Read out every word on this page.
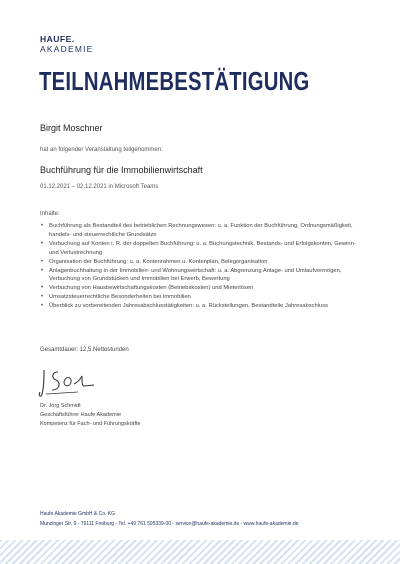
HAUFE.
AKADEMIE
TEILNAHMEBESTÄTIGUNG
Birgit Moschner
hat an folgender Veranstaltung teilgenommen:
Buchführung für die Immobilienwirtschaft
01.12.2021 – 02.12.2021 in Microsoft Teams
Inhalte:
• Buchführung als Bestandteil des betrieblichen Rechnungswesen: u. a. Funktion der Buchführung, Ordnungsmäßigkeit, handels- und steuerrechtliche Grundsätze
• Verbuchung auf Konten i. R. der doppelten Buchführung: u. a. Buchungstechnik, Bestands- und Erfolgskonten, Gewinn- und Verlustrechnung
• Organisation der Buchführung: u. a. Kontenrahmen u. Kontenplan, Belegorganisation
• Anlagenbuchhaltung in der Immobilien- und Wohnungswirtschaft: u. a. Abgrenzung Anlage- und Umlaufvermögen, Verbuchung von Grundstücken und Immobilien bei Erwerb, Bewertung
• Verbuchung von Hausbewirtschaftungskosten (Betriebskosten) und Mieterlösen
• Umsatzsteuerrechtliche Besonderheiten bei Immobilien
• Überblick zu vorbereitenden Jahresabschlusstätigkeiten: u. a. Rückstellungen, Bestandteile Jahresabschluss
Gesamtdauer: 12,5 Nettostunden
Dr. Jörg Schmidt
Geschäftsführer Haufe Akademie
Kompetenz für Fach- und Führungskräfte
Haufe Akademie GmbH & Co. KG
Munzinger Str. 9 - 79111 Freiburg - Tel. +49 761 595339-00 - service@haufe-akademie.de - www.haufe-akademie.de
